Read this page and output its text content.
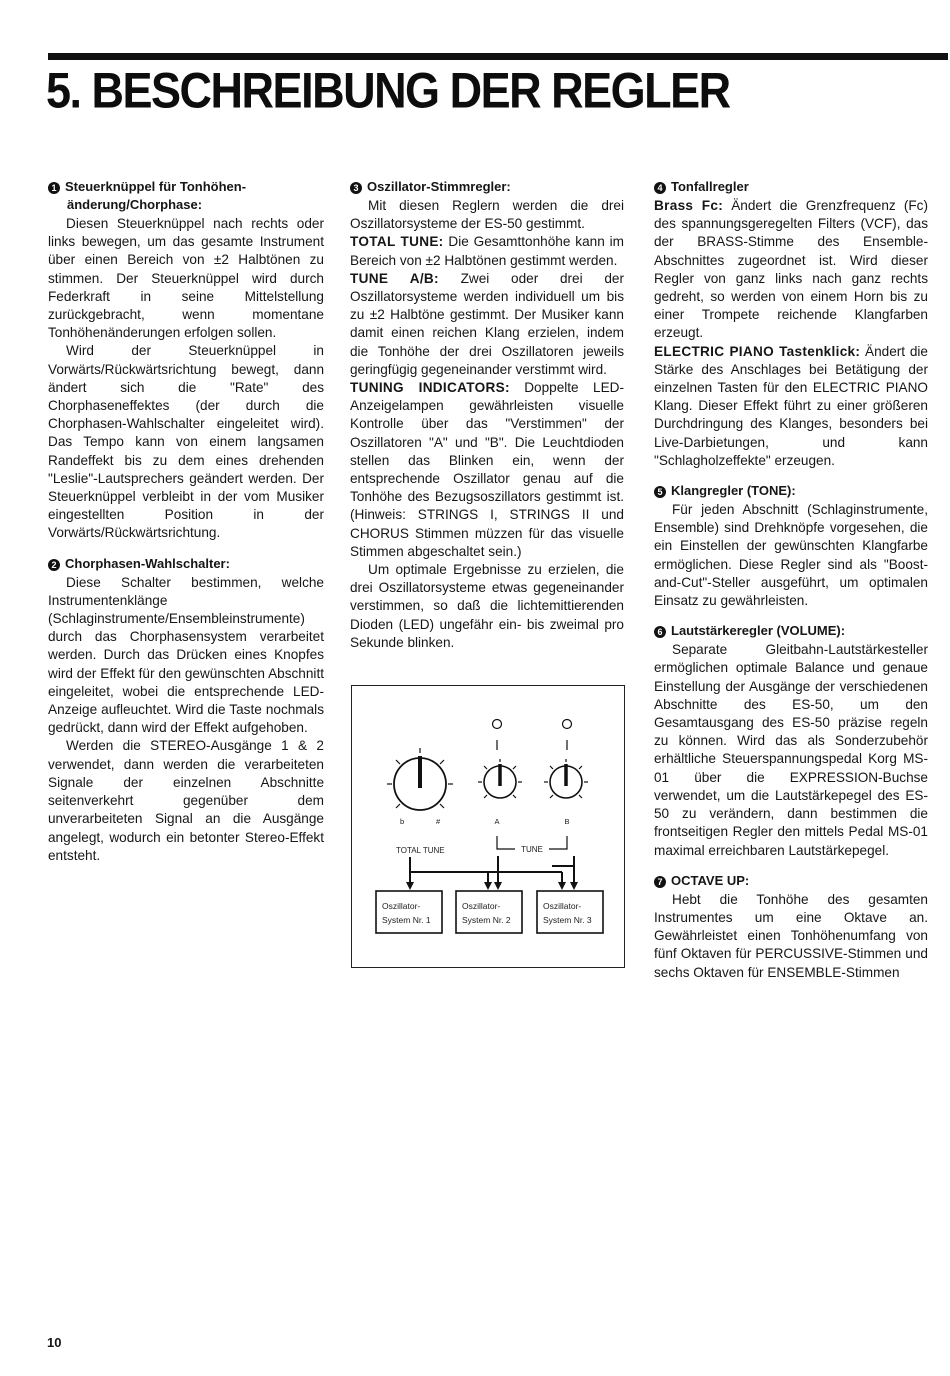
5. BESCHREIBUNG DER REGLER
1 Steuerknüppel für Tonhöhen-
änderung/Chorphase:

Diesen Steuerknüppel nach rechts oder links bewegen, um das gesamte Instrument über einen Bereich von ±2 Halbtönen zu stimmen. Der Steuerknüppel wird durch Federkraft in seine Mittelstellung zurückgebracht, wenn momentane Tonhöhenänderungen erfolgen sollen.

Wird der Steuerknüppel in Vorwärts/Rückwärtsrichtung bewegt, dann ändert sich die "Rate" des Chorphaseneffektes (der durch die Chorphasen-Wahlschalter eingeleitet wird). Das Tempo kann von einem langsamen Randeffekt bis zu dem eines drehenden "Leslie"-Lautsprechers geändert werden. Der Steuerknüppel verbleibt in der vom Musiker eingestellten Position in der Vorwärts/Rückwärtsrichtung.

2 Chorphasen-Wahlschalter:

Diese Schalter bestimmen, welche Instrumentenklänge (Schlaginstrumente/Ensembleinstrumente) durch das Chorphasensystem verarbeitet werden. Durch das Drücken eines Knopfes wird der Effekt für den gewünschten Abschnitt eingeleitet, wobei die entsprechende LED-Anzeige aufleuchtet. Wird die Taste nochmals gedrückt, dann wird der Effekt aufgehoben.

Werden die STEREO-Ausgänge 1 & 2 verwendet, dann werden die verarbeiteten Signale der einzelnen Abschnitte seitenverkehrt gegenüber dem unverarbeiteten Signal an die Ausgänge angelegt, wodurch ein betonter Stereo-Effekt entsteht.

3 Oszillator-Stimmregler:

Mit diesen Reglern werden die drei Oszillatorsysteme der ES-50 gestimmt.

TOTAL TUNE: Die Gesamttonhöhe kann im Bereich von ±2 Halbtönen gestimmt werden.

TUNE A/B: Zwei oder drei der Oszillatorsysteme werden individuell um bis zu ±2 Halbtöne gestimmt. Der Musiker kann damit einen reichen Klang erzielen, indem die Tonhöhe der drei Oszillatoren jeweils geringfügig gegeneinander verstimmt wird.

TUNING INDICATORS: Doppelte LED-Anzeigelampen gewährleisten visuelle Kontrolle über das "Verstimmen" der Oszillatoren "A" und "B". Die Leuchtdioden stellen das Blinken ein, wenn der entsprechende Oszillator genau auf die Tonhöhe des Bezugsoszillators gestimmt ist. (Hinweis: STRINGS I, STRINGS II und CHORUS Stimmen müzzen für das visuelle Stimmen abgeschaltet sein.)

Um optimale Ergebnisse zu erzielen, die drei Oszillatorsysteme etwas gegeneinander verstimmen, so daß die lichtemittierenden Dioden (LED) ungefähr ein- bis zweimal pro Sekunde blinken.

b	#	A	B
TOTAL TUNE	TUNE
Oszillator-
System Nr. 1
Oszillator-
System Nr. 2
Oszillator-
System Nr. 3
4 Tonfallregler

Brass Fc: Ändert die Grenzfrequenz (Fc) des spannungsgeregelten Filters (VCF), das der BRASS-Stimme des Ensemble-Abschnittes zugeordnet ist. Wird dieser Regler von ganz links nach ganz rechts gedreht, so werden von einem Horn bis zu einer Trompete reichende Klangfarben erzeugt.

ELECTRIC PIANO Tastenklick: Ändert die Stärke des Anschlages bei Betätigung der einzelnen Tasten für den ELECTRIC PIANO Klang. Dieser Effekt führt zu einer größeren Durchdringung des Klanges, besonders bei Live-Darbietungen, und kann "Schlagholzeffekte" erzeugen.

5 Klangregler (TONE):

Für jeden Abschnitt (Schlaginstrumente, Ensemble) sind Drehknöpfe vorgesehen, die ein Einstellen der gewünschten Klangfarbe ermöglichen. Diese Regler sind als "Boost-and-Cut"-Steller ausgeführt, um optimalen Einsatz zu gewährleisten.

6 Lautstärkeregler (VOLUME):

Separate Gleitbahn-Lautstärkesteller ermöglichen optimale Balance und genaue Einstellung der Ausgänge der verschiedenen Abschnitte des ES-50, um den Gesamtausgang des ES-50 präzise regeln zu können. Wird das als Sonderzubehör erhältliche Steuerspannungspedal Korg MS-01 über die EXPRESSION-Buchse verwendet, um die Lautstärkepegel des ES-50 zu verändern, dann bestimmen die frontseitigen Regler den mittels Pedal MS-01 maximal erreichbaren Lautstärkepegel.

7 OCTAVE UP:

Hebt die Tonhöhe des gesamten Instrumentes um eine Oktave an. Gewährleistet einen Tonhöhenumfang von fünf Oktaven für PERCUSSIVE-Stimmen und sechs Oktaven für ENSEMBLE-Stimmen

10
